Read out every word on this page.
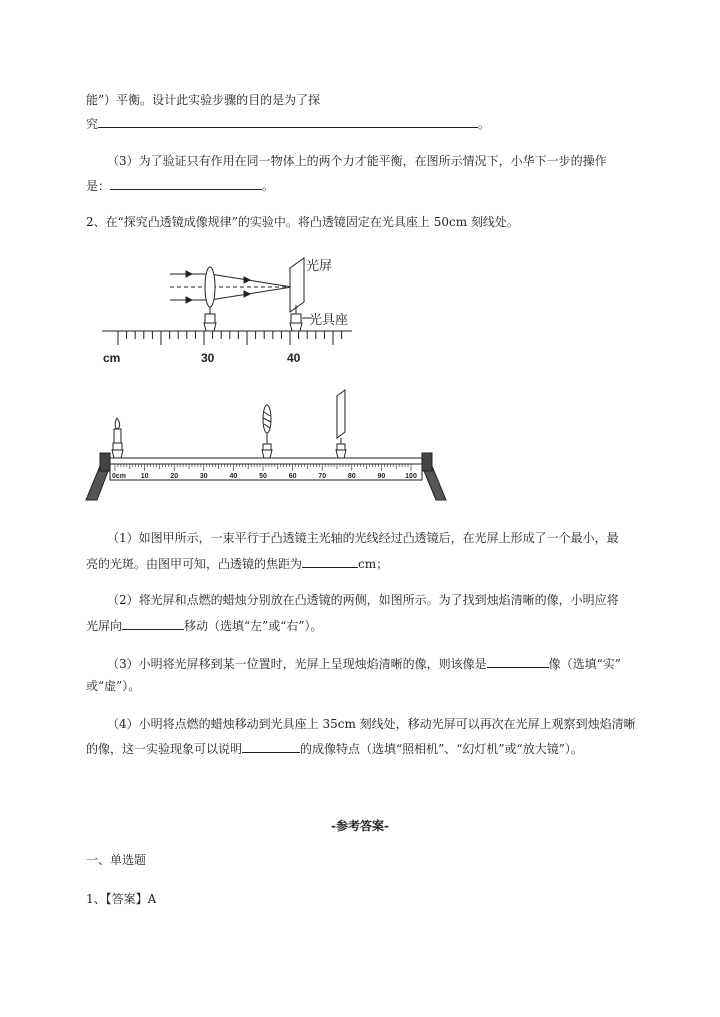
能”）平衡。设计此实验步骤的目的是为了探
究	。
（3）为了验证只有作用在同一物体上的两个力才能平衡，在图所示情况下，小华下一步的操作
是：	。
2、在“探究凸透镜成像规律”的实验中。将凸透镜固定在光具座上 50cm 刻线处。
光屏
光具座
cm	30	40
0cm 10	20	30	40	50	60	70	80	90	100
（1）如图甲所示，一束平行于凸透镜主光轴的光线经过凸透镜后，在光屏上形成了一个最小，最
亮的光斑。由图甲可知，凸透镜的焦距为	cm；
（2）将光屏和点燃的蜡烛分别放在凸透镜的两侧，如图所示。为了找到烛焰清晰的像，小明应将
光屏向	移动（选填“左”或“右”）。
（3）小明将光屏移到某一位置时，光屏上呈现烛焰清晰的像，则该像是	像（选填“实”
或“虚”）。
（4）小明将点燃的蜡烛移动到光具座上 35cm 刻线处，移动光屏可以再次在光屏上观察到烛焰清晰
的像，这一实验现象可以说明	的成像特点（选填“照相机”、“幻灯机”或“放大镜”）。
-参考答案-
一、单选题
1、【答案】A
